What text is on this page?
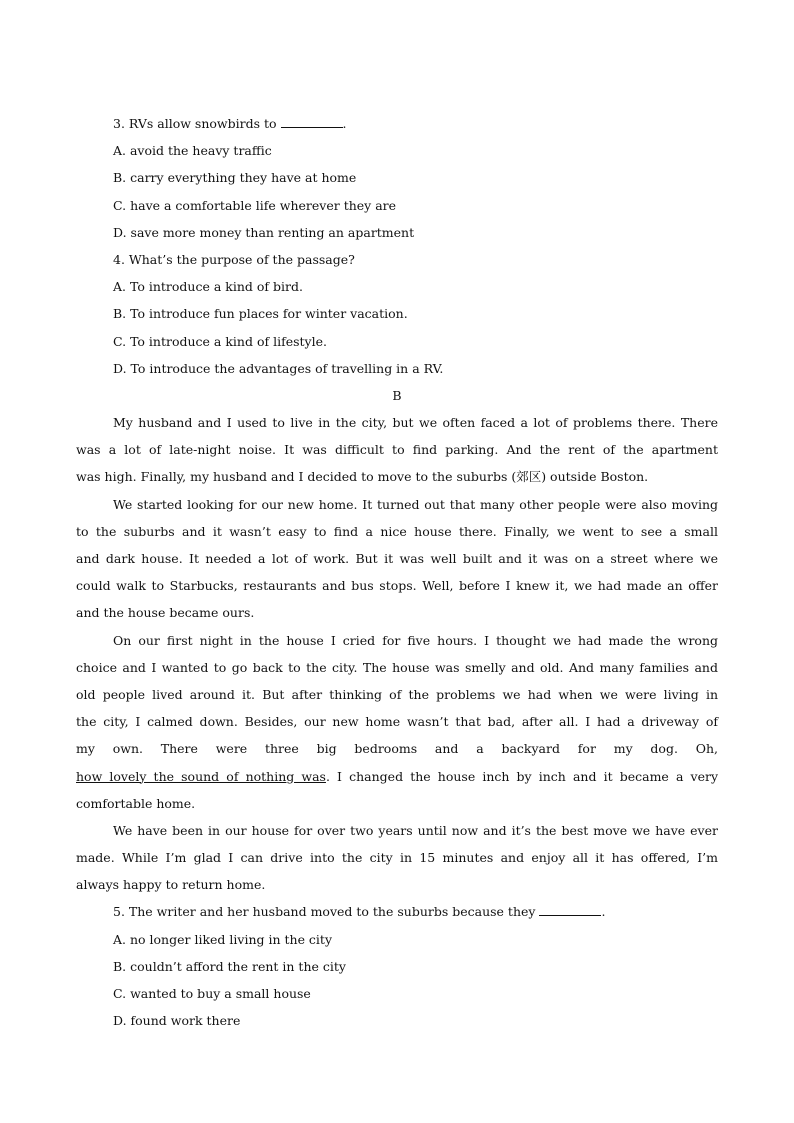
3. RVs allow snowbirds to	.
A. avoid the heavy traffic
B. carry everything they have at home
C. have a comfortable life wherever they are
D. save more money than renting an apartment
4. What’s the purpose of the passage?
A. To introduce a kind of bird.
B. To introduce fun places for winter vacation.
C. To introduce a kind of lifestyle.
D. To introduce the advantages of travelling in a RV.
B
My husband and I used to live in the city, but we often faced a lot of problems there. There
was a lot of late-night noise. It was difficult to find parking. And the rent of the apartment
was high. Finally, my husband and I decided to move to the suburbs (郊区) outside Boston.
We started looking for our new home. It turned out that many other people were also moving
to the suburbs and it wasn’t easy to find a nice house there. Finally, we went to see a small
and dark house. It needed a lot of work. But it was well built and it was on a street where we
could walk to Starbucks, restaurants and bus stops. Well, before I knew it, we had made an offer
and the house became ours.
On our first night in the house I cried for five hours. I thought we had made the wrong
choice and I wanted to go back to the city. The house was smelly and old. And many families and
old people lived around it. But after thinking of the problems we had when we were living in
the city, I calmed down. Besides, our new home wasn’t that bad, after all. I had a driveway of
my own. There were three big bedrooms and a backyard for my dog. Oh,
how lovely the sound of nothing was. I changed the house inch by inch and it became a very
comfortable home.
We have been in our house for over two years until now and it’s the best move we have ever
made. While I’m glad I can drive into the city in 15 minutes and enjoy all it has offered, I’m
always happy to return home.
5. The writer and her husband moved to the suburbs because they	.
A. no longer liked living in the city
B. couldn’t afford the rent in the city
C. wanted to buy a small house
D. found work there
